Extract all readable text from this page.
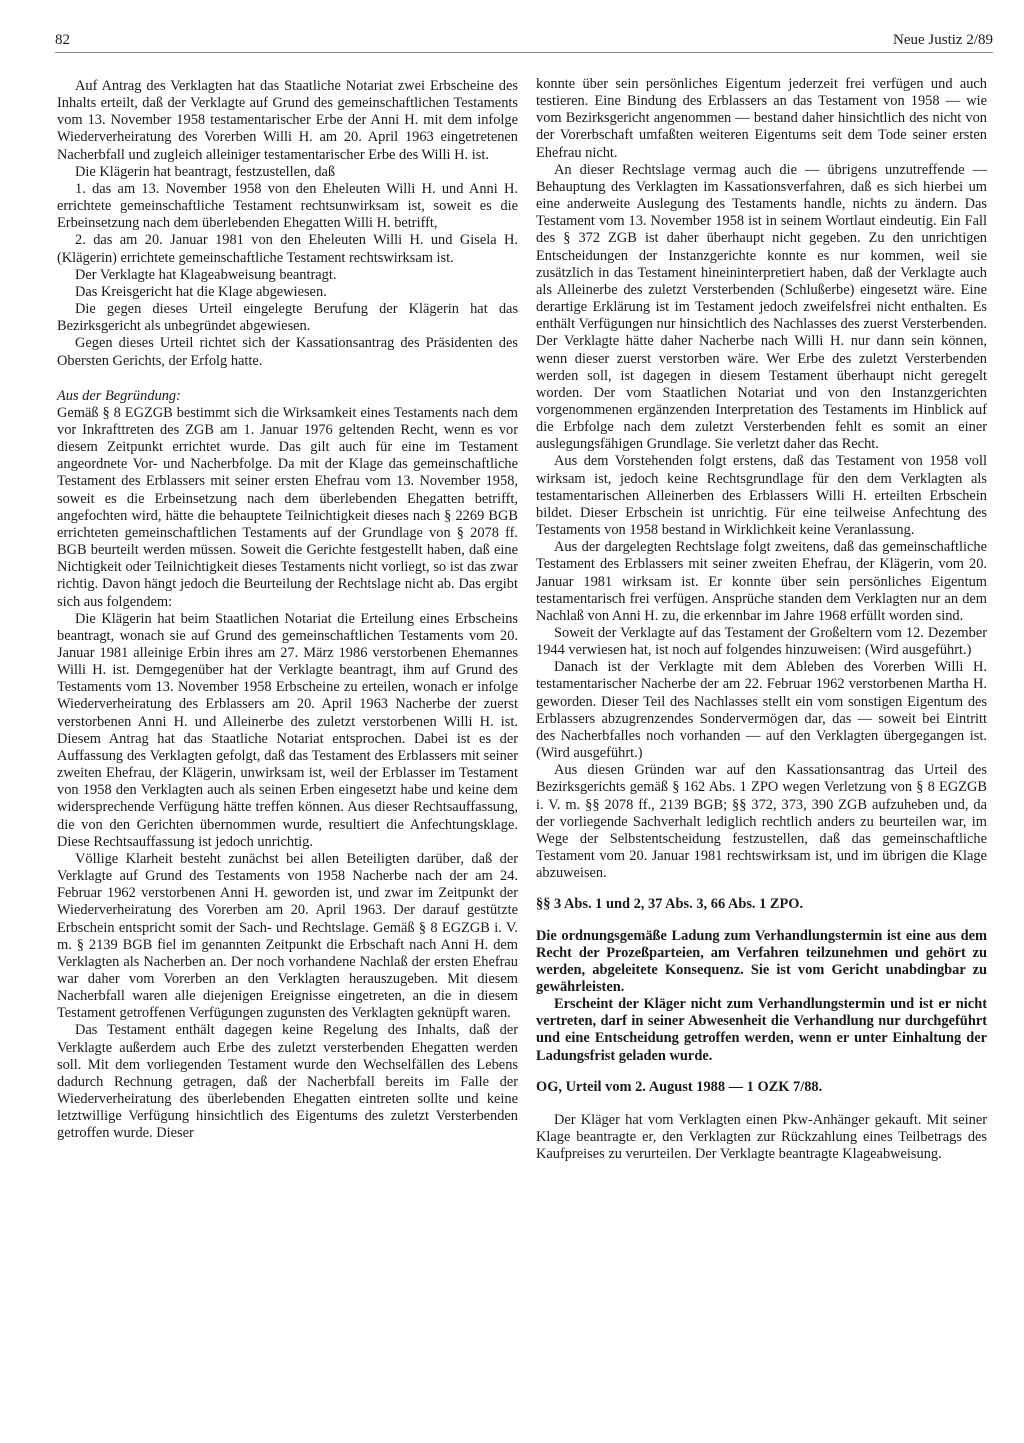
82	Neue Justiz 2/89

Auf Antrag des Verklagten hat das Staatliche Notariat zwei Erbscheine des Inhalts erteilt, daß der Verklagte auf Grund des gemeinschaftlichen Testaments vom 13. November 1958 testamentarischer Erbe der Anni H. mit dem infolge Wiederverheiratung des Vorerben Willi H. am 20. April 1963 eingetretenen Nacherbfall und zugleich alleiniger testamentarischer Erbe des Willi H. ist.

Die Klägerin hat beantragt, festzustellen, daß

1. das am 13. November 1958 von den Eheleuten Willi H. und Anni H. errichtete gemeinschaftliche Testament rechtsunwirksam ist, soweit es die Erbeinsetzung nach dem überlebenden Ehegatten Willi H. betrifft,

2. das am 20. Januar 1981 von den Eheleuten Willi H. und Gisela H. (Klägerin) errichtete gemeinschaftliche Testament rechtswirksam ist.

Der Verklagte hat Klageabweisung beantragt.

Das Kreisgericht hat die Klage abgewiesen.

Die gegen dieses Urteil eingelegte Berufung der Klägerin hat das Bezirksgericht als unbegründet abgewiesen.

Gegen dieses Urteil richtet sich der Kassationsantrag des Präsidenten des Obersten Gerichts, der Erfolg hatte.

Aus der Begründung:

Gemäß § 8 EGZGB bestimmt sich die Wirksamkeit eines Testaments nach dem vor Inkrafttreten des ZGB am 1. Januar 1976 geltenden Recht, wenn es vor diesem Zeitpunkt errichtet wurde. Das gilt auch für eine im Testament angeordnete Vor- und Nacherbfolge. Da mit der Klage das gemeinschaftliche Testament des Erblassers mit seiner ersten Ehefrau vom 13. November 1958, soweit es die Erbeinsetzung nach dem überlebenden Ehegatten betrifft, angefochten wird, hätte die behauptete Teilnichtigkeit dieses nach § 2269 BGB errichteten gemeinschaftlichen Testaments auf der Grundlage von § 2078 ff. BGB beurteilt werden müssen. Soweit die Gerichte festgestellt haben, daß eine Nichtigkeit oder Teilnichtigkeit dieses Testaments nicht vorliegt, so ist das zwar richtig. Davon hängt jedoch die Beurteilung der Rechtslage nicht ab. Das ergibt sich aus folgendem:

Die Klägerin hat beim Staatlichen Notariat die Erteilung eines Erbscheins beantragt, wonach sie auf Grund des gemeinschaftlichen Testaments vom 20. Januar 1981 alleinige Erbin ihres am 27. März 1986 verstorbenen Ehemannes Willi H. ist. Demgegenüber hat der Verklagte beantragt, ihm auf Grund des Testaments vom 13. November 1958 Erbscheine zu erteilen, wonach er infolge Wiederverheiratung des Erblassers am 20. April 1963 Nacherbe der zuerst verstorbenen Anni H. und Alleinerbe des zuletzt verstorbenen Willi H. ist. Diesem Antrag hat das Staatliche Notariat entsprochen. Dabei ist es der Auffassung des Verklagten gefolgt, daß das Testament des Erblassers mit seiner zweiten Ehefrau, der Klägerin, unwirksam ist, weil der Erblasser im Testament von 1958 den Verklagten auch als seinen Erben eingesetzt habe und keine dem widersprechende Verfügung hätte treffen können. Aus dieser Rechtsauffassung, die von den Gerichten übernommen wurde, resultiert die Anfechtungsklage. Diese Rechtsauffassung ist jedoch unrichtig.

Völlige Klarheit besteht zunächst bei allen Beteiligten darüber, daß der Verklagte auf Grund des Testaments von 1958 Nacherbe nach der am 24. Februar 1962 verstorbenen Anni H. geworden ist, und zwar im Zeitpunkt der Wiederverheiratung des Vorerben am 20. April 1963. Der darauf gestützte Erbschein entspricht somit der Sach- und Rechtslage. Gemäß § 8 EGZGB i. V. m. § 2139 BGB fiel im genannten Zeitpunkt die Erbschaft nach Anni H. dem Verklagten als Nacherben an. Der noch vorhandene Nachlaß der ersten Ehefrau war daher vom Vorerben an den Verklagten herauszugeben. Mit diesem Nacherbfall waren alle diejenigen Ereignisse eingetreten, an die in diesem Testament getroffenen Verfügungen zugunsten des Verklagten geknüpft waren.

Das Testament enthält dagegen keine Regelung des Inhalts, daß der Verklagte außerdem auch Erbe des zuletzt versterbenden Ehegatten werden soll. Mit dem vorliegenden Testament wurde den Wechselfällen des Lebens dadurch Rechnung getragen, daß der Nacherbfall bereits im Falle der Wiederverheiratung des überlebenden Ehegatten eintreten sollte und keine letztwillige Verfügung hinsichtlich des Eigentums des zuletzt Versterbenden getroffen wurde. Dieser

konnte über sein persönliches Eigentum jederzeit frei verfügen und auch testieren. Eine Bindung des Erblassers an das Testament von 1958 — wie vom Bezirksgericht angenommen — bestand daher hinsichtlich des nicht von der Vorerbschaft umfaßten weiteren Eigentums seit dem Tode seiner ersten Ehefrau nicht.

An dieser Rechtslage vermag auch die — übrigens unzutreffende — Behauptung des Verklagten im Kassationsverfahren, daß es sich hierbei um eine anderweite Auslegung des Testaments handle, nichts zu ändern. Das Testament vom 13. November 1958 ist in seinem Wortlaut eindeutig. Ein Fall des § 372 ZGB ist daher überhaupt nicht gegeben. Zu den unrichtigen Entscheidungen der Instanzgerichte konnte es nur kommen, weil sie zusätzlich in das Testament hineininterpretiert haben, daß der Verklagte auch als Alleinerbe des zuletzt Versterbenden (Schlußerbe) eingesetzt wäre. Eine derartige Erklärung ist im Testament jedoch zweifelsfrei nicht enthalten. Es enthält Verfügungen nur hinsichtlich des Nachlasses des zuerst Versterbenden. Der Verklagte hätte daher Nacherbe nach Willi H. nur dann sein können, wenn dieser zuerst verstorben wäre. Wer Erbe des zuletzt Versterbenden werden soll, ist dagegen in diesem Testament überhaupt nicht geregelt worden. Der vom Staatlichen Notariat und von den Instanzgerichten vorgenommenen ergänzenden Interpretation des Testaments im Hinblick auf die Erbfolge nach dem zuletzt Versterbenden fehlt es somit an einer auslegungsfähigen Grundlage. Sie verletzt daher das Recht.

Aus dem Vorstehenden folgt erstens, daß das Testament von 1958 voll wirksam ist, jedoch keine Rechtsgrundlage für den dem Verklagten als testamentarischen Alleinerben des Erblassers Willi H. erteilten Erbschein bildet. Dieser Erbschein ist unrichtig. Für eine teilweise Anfechtung des Testaments von 1958 bestand in Wirklichkeit keine Veranlassung.

Aus der dargelegten Rechtslage folgt zweitens, daß das gemeinschaftliche Testament des Erblassers mit seiner zweiten Ehefrau, der Klägerin, vom 20. Januar 1981 wirksam ist. Er konnte über sein persönliches Eigentum testamentarisch frei verfügen. Ansprüche standen dem Verklagten nur an dem Nachlaß von Anni H. zu, die erkennbar im Jahre 1968 erfüllt worden sind.

Soweit der Verklagte auf das Testament der Großeltern vom 12. Dezember 1944 verwiesen hat, ist noch auf folgendes hinzuweisen: (Wird ausgeführt.)

Danach ist der Verklagte mit dem Ableben des Vorerben Willi H. testamentarischer Nacherbe der am 22. Februar 1962 verstorbenen Martha H. geworden. Dieser Teil des Nachlasses stellt ein vom sonstigen Eigentum des Erblassers abzugrenzendes Sondervermögen dar, das — soweit bei Eintritt des Nacherbfalles noch vorhanden — auf den Verklagten übergegangen ist. (Wird ausgeführt.)

Aus diesen Gründen war auf den Kassationsantrag das Urteil des Bezirksgerichts gemäß § 162 Abs. 1 ZPO wegen Verletzung von § 8 EGZGB i. V. m. §§ 2078 ff., 2139 BGB; §§ 372, 373, 390 ZGB aufzuheben und, da der vorliegende Sachverhalt lediglich rechtlich anders zu beurteilen war, im Wege der Selbstentscheidung festzustellen, daß das gemeinschaftliche Testament vom 20. Januar 1981 rechtswirksam ist, und im übrigen die Klage abzuweisen.

§§ 3 Abs. 1 und 2, 37 Abs. 3, 66 Abs. 1 ZPO.

Die ordnungsgemäße Ladung zum Verhandlungstermin ist eine aus dem Recht der Prozeßparteien, am Verfahren teilzunehmen und gehört zu werden, abgeleitete Konsequenz. Sie ist vom Gericht unabdingbar zu gewährleisten.

Erscheint der Kläger nicht zum Verhandlungstermin und ist er nicht vertreten, darf in seiner Abwesenheit die Verhandlung nur durchgeführt und eine Entscheidung getroffen werden, wenn er unter Einhaltung der Ladungsfrist geladen wurde.

OG, Urteil vom 2. August 1988 — 1 OZK 7/88.

Der Kläger hat vom Verklagten einen Pkw-Anhänger gekauft. Mit seiner Klage beantragte er, den Verklagten zur Rückzahlung eines Teilbetrags des Kaufpreises zu verurteilen. Der Verklagte beantragte Klageabweisung.
